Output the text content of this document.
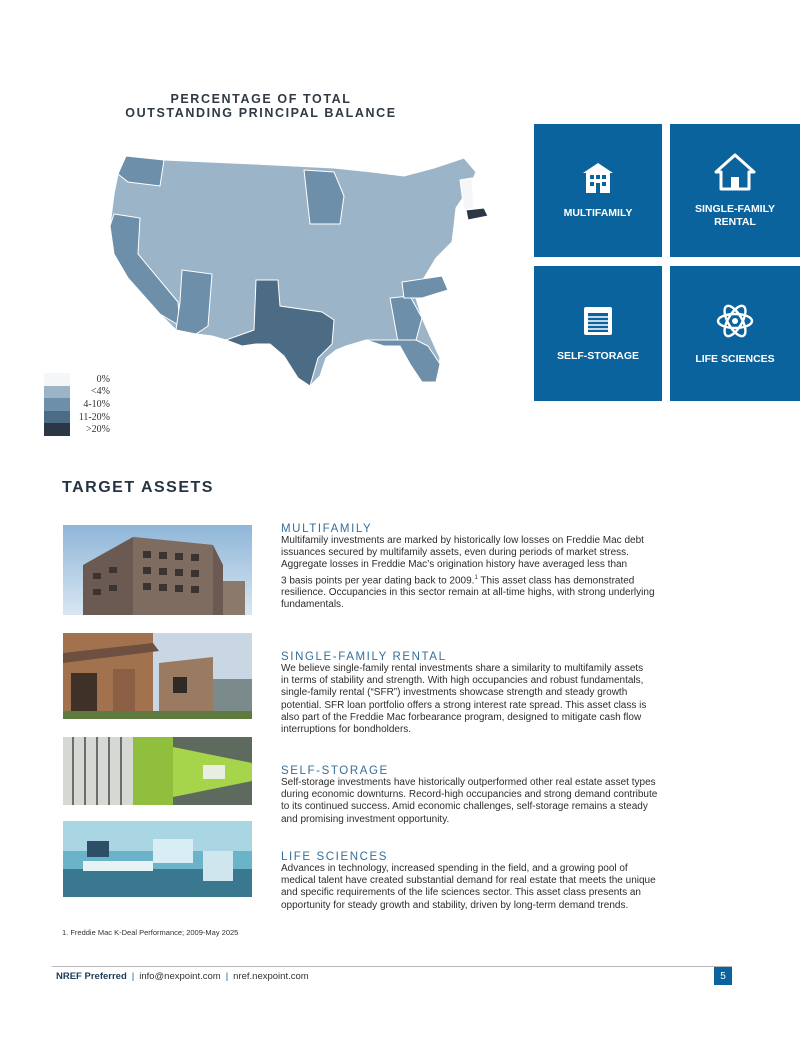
PERCENTAGE OF TOTAL
OUTSTANDING PRINCIPAL BALANCE
0%
<4%
4-10%
11-20%
>20%
MULTIFAMILY	SINGLE-FAMILY
RENTAL
SELF-STORAGE	LIFE SCIENCES
TARGET ASSETS
MULTIFAMILY
Multifamily investments are marked by historically low losses on Freddie Mac debt
issuances secured by multifamily assets, even during periods of market stress.
Aggregate losses in Freddie Mac’s origination history have averaged less than
3 basis points per year dating back to 2009.$^1$ This asset class has demonstrated
resilience. Occupancies in this sector remain at all-time highs, with strong underlying
fundamentals.
SINGLE-FAMILY RENTAL
We believe single-family rental investments share a similarity to multifamily assets
in terms of stability and strength. With high occupancies and robust fundamentals,
single-family rental (“SFR”) investments showcase strength and steady growth
potential. SFR loan portfolio offers a strong interest rate spread. This asset class is
also part of the Freddie Mac forbearance program, designed to mitigate cash flow
interruptions for bondholders.
SELF-STORAGE
Self-storage investments have historically outperformed other real estate asset types
during economic downturns. Record-high occupancies and strong demand contribute
to its continued success. Amid economic challenges, self-storage remains a steady
and promising investment opportunity.
LIFE SCIENCES
Advances in technology, increased spending in the field, and a growing pool of
medical talent have created substantial demand for real estate that meets the unique
and specific requirements of the life sciences sector. This asset class presents an
opportunity for steady growth and stability, driven by long-term demand trends.
1. Freddie Mac K-Deal Performance; 2009-May 2025
NREF Preferred | info@nexpoint.com | nref.nexpoint.com	5
